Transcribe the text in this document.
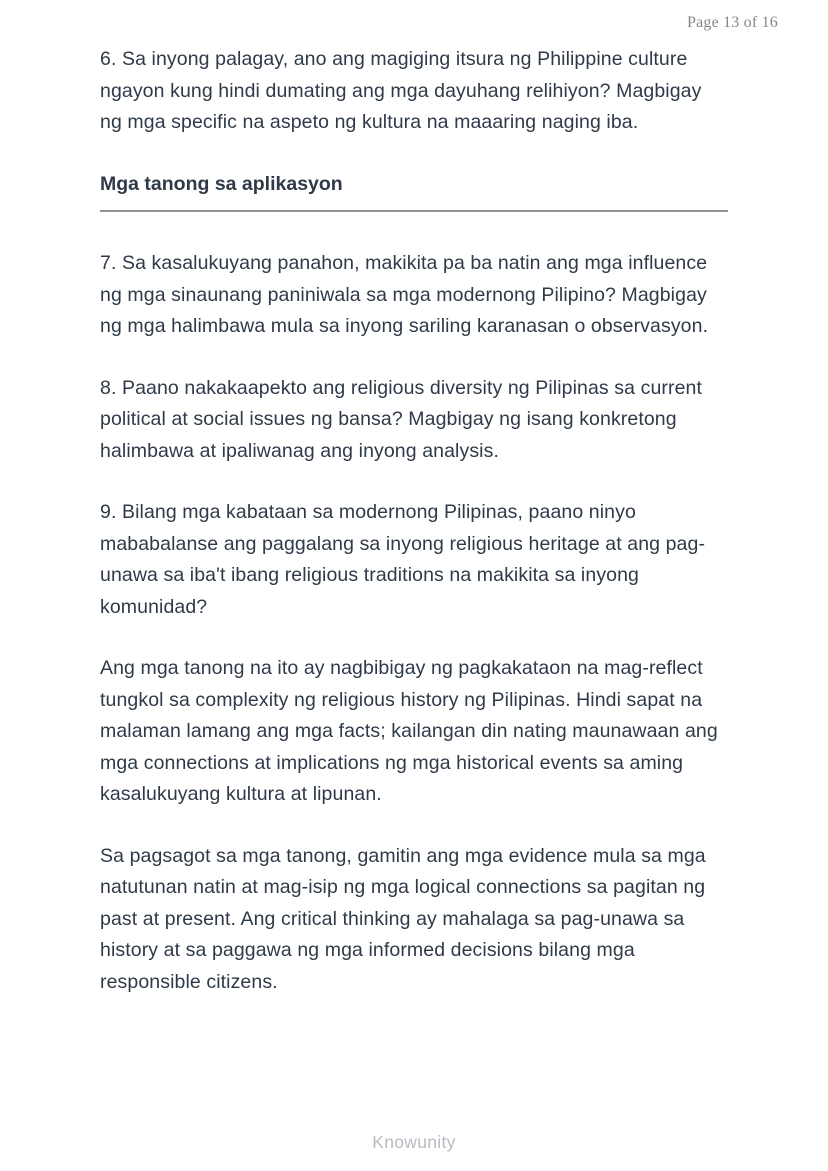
Page 13 of 16

6. Sa inyong palagay, ano ang magiging itsura ng Philippine culture ngayon kung hindi dumating ang mga dayuhang relihiyon? Magbigay ng mga specific na aspeto ng kultura na maaaring naging iba.

Mga tanong sa aplikasyon

7. Sa kasalukuyang panahon, makikita pa ba natin ang mga influence ng mga sinaunang paniniwala sa mga modernong Pilipino? Magbigay ng mga halimbawa mula sa inyong sariling karanasan o observasyon.

8. Paano nakakaapekto ang religious diversity ng Pilipinas sa current political at social issues ng bansa? Magbigay ng isang konkretong halimbawa at ipaliwanag ang inyong analysis.

9. Bilang mga kabataan sa modernong Pilipinas, paano ninyo mababalanse ang paggalang sa inyong religious heritage at ang pag-unawa sa iba't ibang religious traditions na makikita sa inyong komunidad?

Ang mga tanong na ito ay nagbibigay ng pagkakataon na mag-reflect tungkol sa complexity ng religious history ng Pilipinas. Hindi sapat na malaman lamang ang mga facts; kailangan din nating maunawaan ang mga connections at implications ng mga historical events sa aming kasalukuyang kultura at lipunan.

Sa pagsagot sa mga tanong, gamitin ang mga evidence mula sa mga natutunan natin at mag-isip ng mga logical connections sa pagitan ng past at present. Ang critical thinking ay mahalaga sa pag-unawa sa history at sa paggawa ng mga informed decisions bilang mga responsible citizens.

Knowunity
